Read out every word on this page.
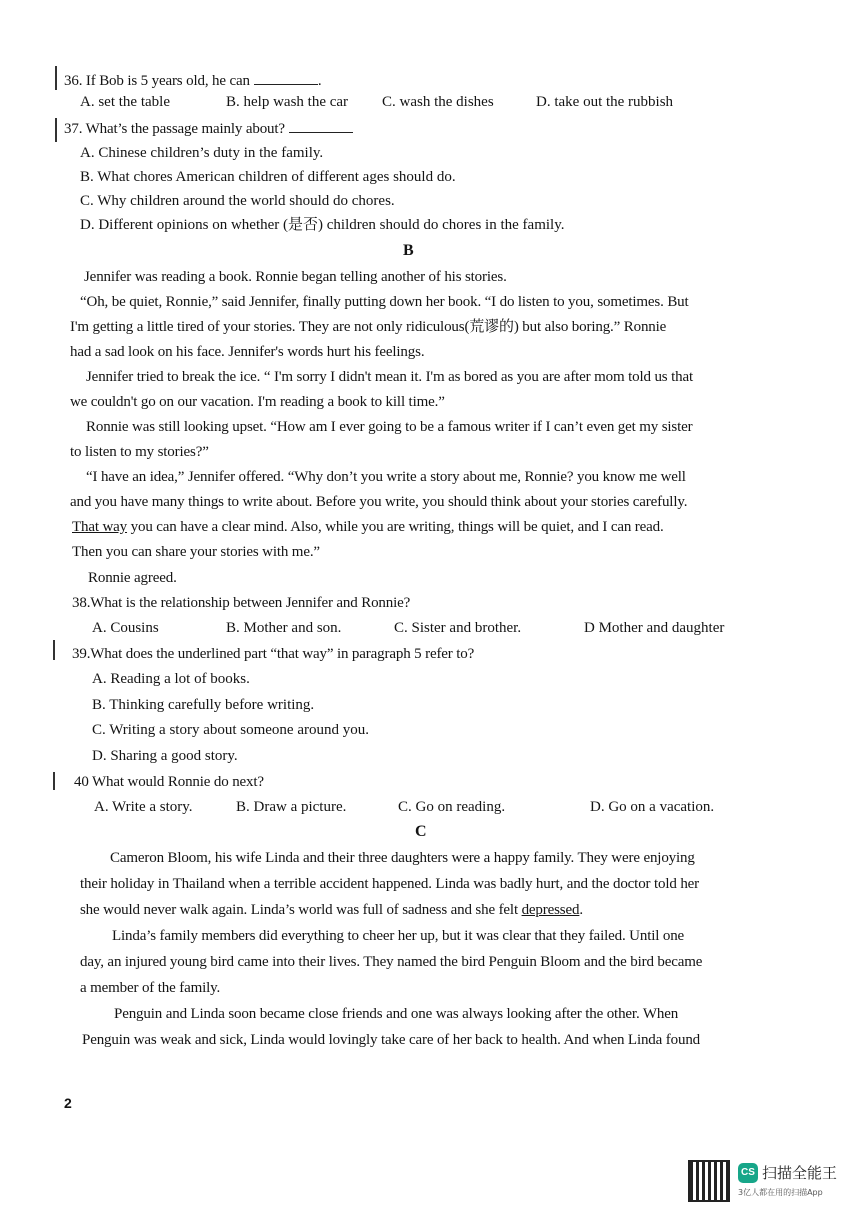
36. If Bob is 5 years old, he can	.
A. set the table	B. help wash the car C. wash the dishes	D. take out the rubbish
37. What’s the passage mainly about?
A. Chinese children’s duty in the family.
B. What chores American children of different ages should do.
C. Why children around the world should do chores.
D. Different opinions on whether (是否) children should do chores in the family.
B
Jennifer was reading a book. Ronnie began telling another of his stories.
“Oh, be quiet, Ronnie,” said Jennifer, finally putting down her book. “I do listen to you, sometimes. But
I'm getting a little tired of your stories. They are not only ridiculous(荒谬的) but also boring.” Ronnie
had a sad look on his face. Jennifer's words hurt his feelings.
Jennifer tried to break the ice. “ I'm sorry I didn't mean it. I'm as bored as you are after mom told us that
we couldn't go on our vacation. I'm reading a book to kill time.”
Ronnie was still looking upset. “How am I ever going to be a famous writer if I can’t even get my sister
to listen to my stories?”
“I have an idea,” Jennifer offered. “Why don’t you write a story about me, Ronnie? you know me well
and you have many things to write about. Before you write, you should think about your stories carefully.
That way you can have a clear mind. Also, while you are writing, things will be quiet, and I can read.
Then you can share your stories with me.”
Ronnie agreed.
38.What is the relationship between Jennifer and Ronnie?
A. Cousins	B. Mother and son.	C. Sister and brother.	D Mother and daughter
39.What does the underlined part “that way” in paragraph 5 refer to?
A. Reading a lot of books.
B. Thinking carefully before writing.
C. Writing a story about someone around you.
D. Sharing a good story.
40 What would Ronnie do next?
A. Write a story.	B. Draw a picture.	C. Go on reading.	D. Go on a vacation.
C
Cameron Bloom, his wife Linda and their three daughters were a happy family. They were enjoying
their holiday in Thailand when a terrible accident happened. Linda was badly hurt, and the doctor told her
she would never walk again. Linda’s world was full of sadness and she felt depressed.
Linda’s family members did everything to cheer her up, but it was clear that they failed. Until one
day, an injured young bird came into their lives. They named the bird Penguin Bloom and the bird became
a member of the family.
Penguin and Linda soon became close friends and one was always looking after the other. When
Penguin was weak and sick, Linda would lovingly take care of her back to health. And when Linda found
2
CS 扫描全能王
3亿人都在用的扫描App
